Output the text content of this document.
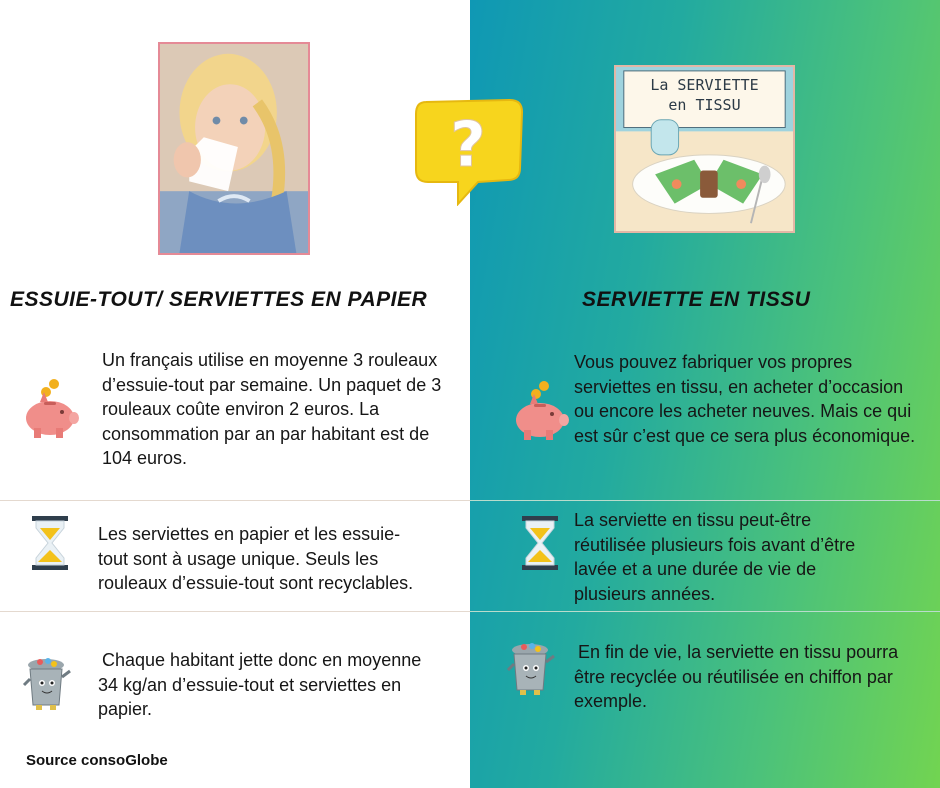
?
La SERVIETTE
en TISSU
ESSUIE-TOUT/ SERVIETTES EN PAPIER	SERVIETTE EN TISSU
Un français utilise en moyenne 3 rouleaux d’essuie-tout par semaine. Un paquet de 3 rouleaux coûte environ 2 euros. La consommation par an par habitant est de 104 euros.
Les serviettes en papier et les essuie-tout sont à usage unique. Seuls les rouleaux d’essuie-tout sont recyclables.
Chaque habitant jette donc en moyenne 34 kg/an d’essuie-tout et serviettes en papier.
Vous pouvez fabriquer vos propres serviettes en tissu, en acheter d’occasion ou encore les acheter neuves. Mais ce qui est sûr c’est que ce sera plus économique.
La serviette en tissu peut-être réutilisée plusieurs fois avant d’être lavée et a une durée de vie de plusieurs années.
En fin de vie, la serviette en tissu pourra être recyclée ou réutilisée en chiffon par exemple.
Source consoGlobe
